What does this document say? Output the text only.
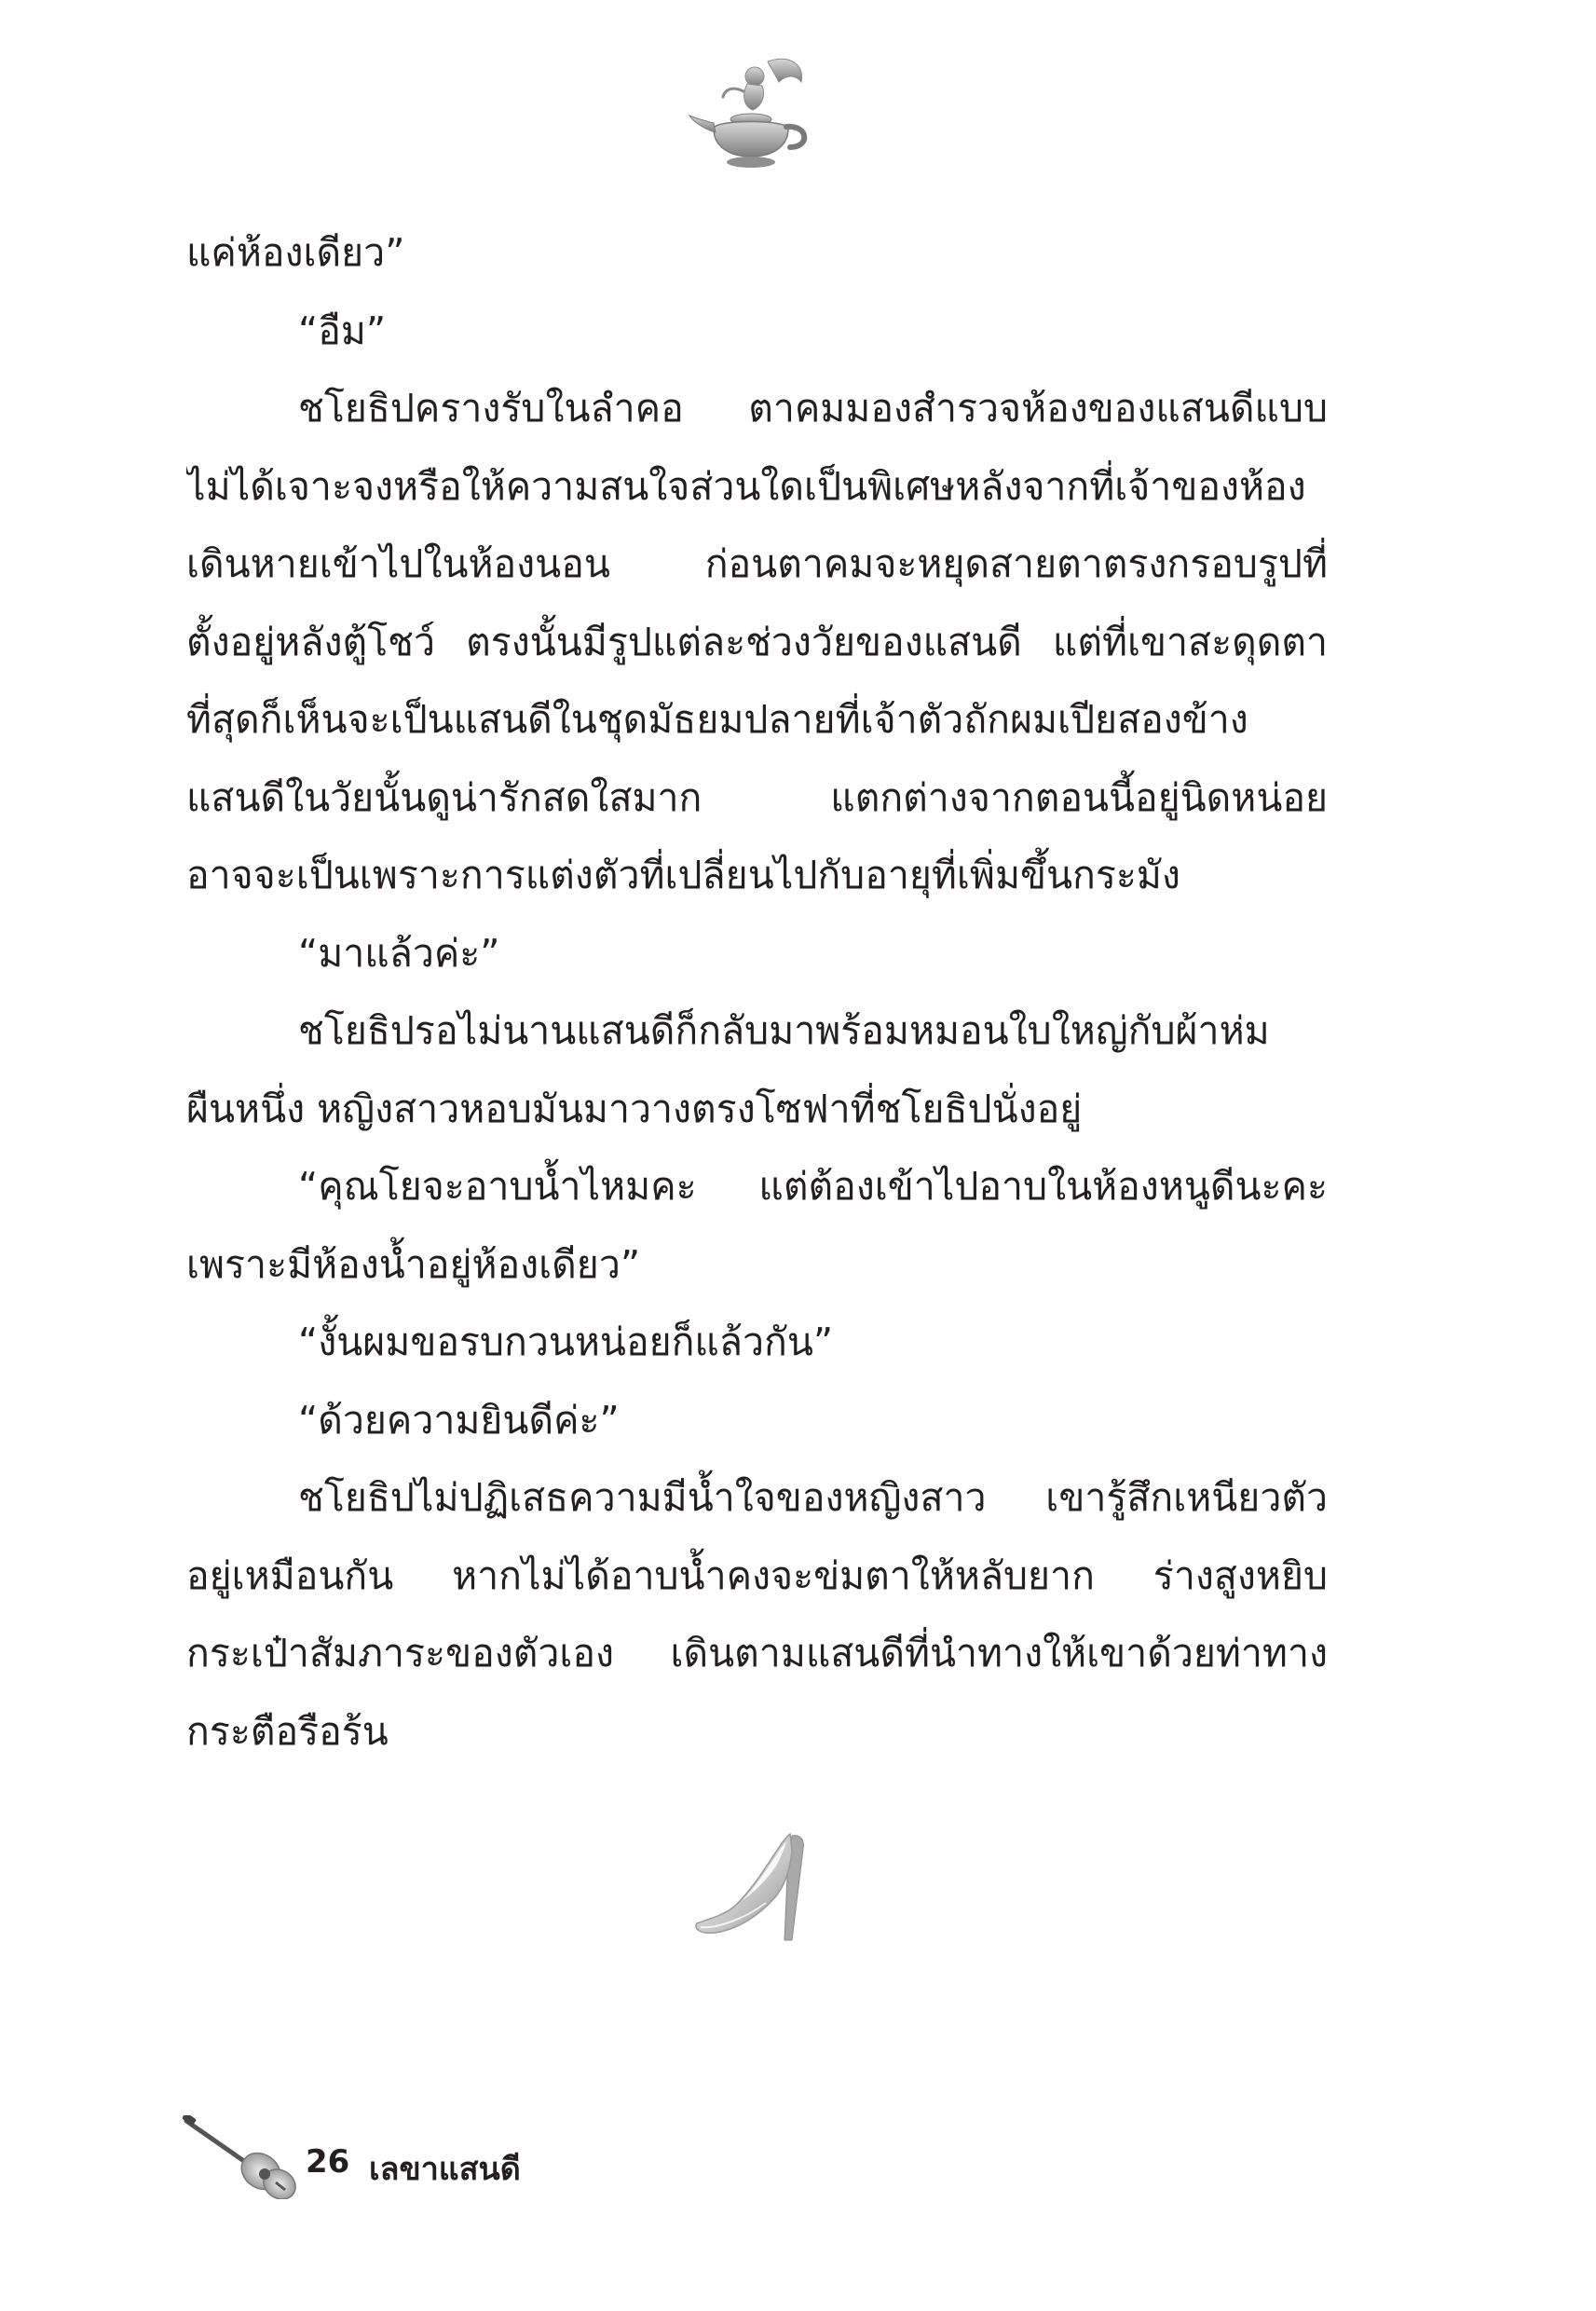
แค่ห้องเดียว”
“อืม”
ชโยธิปครางรับในลำคอ ตาคมมองสำรวจห้องของแสนดีแบบ
ไม่ได้เจาะจงหรือให้ความสนใจส่วนใดเป็นพิเศษหลังจากที่เจ้าของห้อง
เดินหายเข้าไปในห้องนอน ก่อนตาคมจะหยุดสายตาตรงกรอบรูปที่
ตั้งอยู่หลังตู้โชว์ ตรงนั้นมีรูปแต่ละช่วงวัยของแสนดี แต่ที่เขาสะดุดตา
ที่สุดก็เห็นจะเป็นแสนดีในชุดมัธยมปลายที่เจ้าตัวถักผมเปียสองข้าง
แสนดีในวัยนั้นดูน่ารักสดใสมาก แตกต่างจากตอนนี้อยู่นิดหน่อย
อาจจะเป็นเพราะการแต่งตัวที่เปลี่ยนไปกับอายุที่เพิ่มขึ้นกระมัง
“มาแล้วค่ะ”
ชโยธิปรอไม่นานแสนดีก็กลับมาพร้อมหมอนใบใหญ่กับผ้าห่ม
ผืนหนึ่ง หญิงสาวหอบมันมาวางตรงโซฟาที่ชโยธิปนั่งอยู่
“คุณโยจะอาบน้ำไหมคะ แต่ต้องเข้าไปอาบในห้องหนูดีนะคะ
เพราะมีห้องน้ำอยู่ห้องเดียว”
“งั้นผมขอรบกวนหน่อยก็แล้วกัน”
“ด้วยความยินดีค่ะ”
ชโยธิปไม่ปฏิเสธความมีน้ำใจของหญิงสาว เขารู้สึกเหนียวตัว
อยู่เหมือนกัน หากไม่ได้อาบน้ำคงจะข่มตาให้หลับยาก ร่างสูงหยิบ
กระเป๋าสัมภาระของตัวเอง เดินตามแสนดีที่นำทางให้เขาด้วยท่าทาง
กระตือรือร้น
26 เลขาแสนดี
